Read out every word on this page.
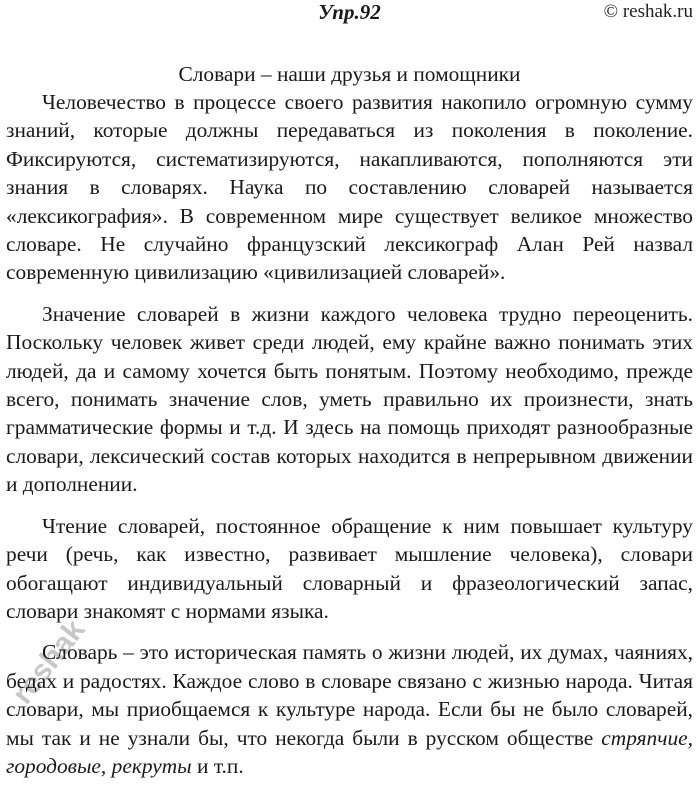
Упр.92	© reshak.ru

Словари – наши друзья и помощники

Человечество в процессе своего развития накопило огромную сумму знаний, которые должны передаваться из поколения в поколение. Фиксируются, систематизируются, накапливаются, пополняются эти знания в словарях. Наука по составлению словарей называется «лексикография». В современном мире существует великое множество словаре. Не случайно французский лексикограф Алан Рей назвал современную цивилизацию «цивилизацией словарей».

Значение словарей в жизни каждого человека трудно переоценить. Поскольку человек живет среди людей, ему крайне важно понимать этих людей, да и самому хочется быть понятым. Поэтому необходимо, прежде всего, понимать значение слов, уметь правильно их произнести, знать грамматические формы и т.д. И здесь на помощь приходят разнообразные словари, лексический состав которых находится в непрерывном движении и дополнении.

Чтение словарей, постоянное обращение к ним повышает культуру речи (речь, как известно, развивает мышление человека), словари обогащают индивидуальный словарный и фразеологический запас, словари знакомят с нормами языка.

Словарь – это историческая память о жизни людей, их думах, чаяниях, бедах и радостях. Каждое слово в словаре связано с жизнью народа. Читая словари, мы приобщаемся к культуре народа. Если бы не было словарей, мы так и не узнали бы, что некогда были в русском обществе стряпчие, городовые, рекруты и т.п.

reshak
